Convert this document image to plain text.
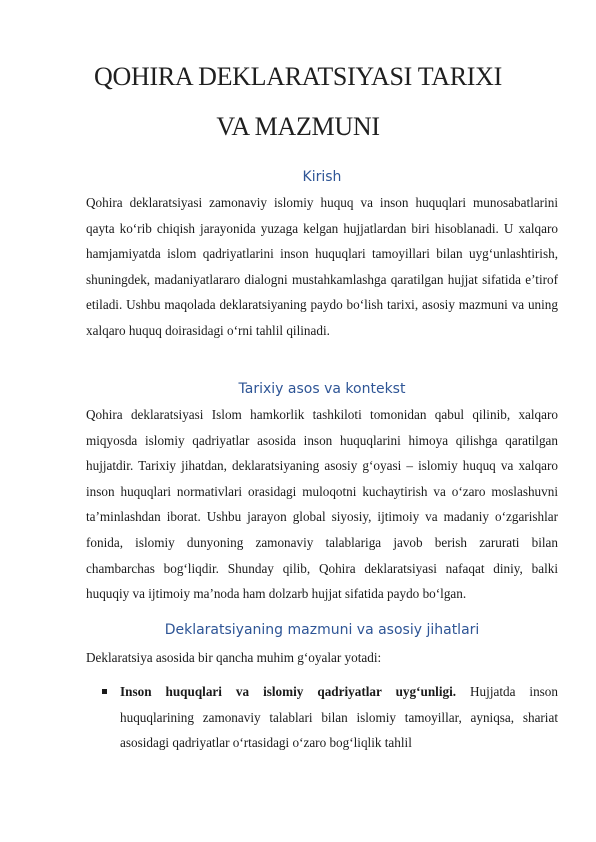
QOHIRA DEKLARATSIYASI TARIXI
VA MAZMUNI
Kirish

Qohira deklaratsiyasi zamonaviy islomiy huquq va inson huquqlari munosabatlarini qayta ko‘rib chiqish jarayonida yuzaga kelgan hujjatlardan biri hisoblanadi. U xalqaro hamjamiyatda islom qadriyatlarini inson huquqlari tamoyillari bilan uyg‘unlashtirish, shuningdek, madaniyatlararo dialogni mustahkamlashga qaratilgan hujjat sifatida e’tirof etiladi. Ushbu maqolada deklaratsiyaning paydo bo‘lish tarixi, asosiy mazmuni va uning xalqaro huquq doirasidagi o‘rni tahlil qilinadi.

Tarixiy asos va kontekst

Qohira deklaratsiyasi Islom hamkorlik tashkiloti tomonidan qabul qilinib, xalqaro miqyosda islomiy qadriyatlar asosida inson huquqlarini himoya qilishga qaratilgan hujjatdir. Tarixiy jihatdan, deklaratsiyaning asosiy g‘oyasi – islomiy huquq va xalqaro inson huquqlari normativlari orasidagi muloqotni kuchaytirish va o‘zaro moslashuvni ta’minlashdan iborat. Ushbu jarayon global siyosiy, ijtimoiy va madaniy o‘zgarishlar fonida, islomiy dunyoning zamonaviy talablariga javob berish zarurati bilan chambarchas bog‘liqdir. Shunday qilib, Qohira deklaratsiyasi nafaqat diniy, balki huquqiy va ijtimoiy ma’noda ham dolzarb hujjat sifatida paydo bo‘lgan.

Deklaratsiyaning mazmuni va asosiy jihatlari

Deklaratsiya asosida bir qancha muhim g‘oyalar yotadi:

Inson huquqlari va islomiy qadriyatlar uyg‘unligi. Hujjatda inson huquqlarining zamonaviy talablari bilan islomiy tamoyillar, ayniqsa, shariat asosidagi qadriyatlar o‘rtasidagi o‘zaro bog‘liqlik tahlil
